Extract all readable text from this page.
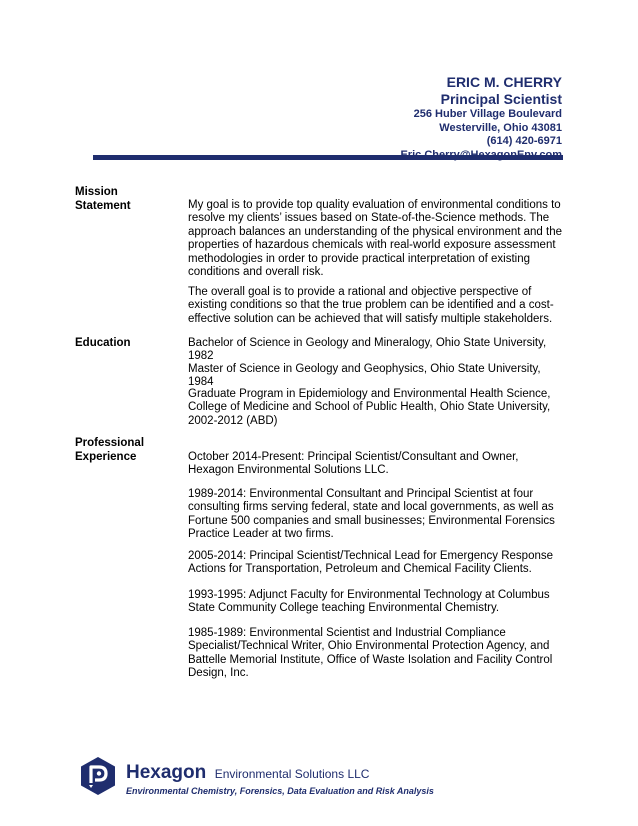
ERIC M. CHERRY
Principal Scientist
256 Huber Village Boulevard
Westerville, Ohio 43081
(614) 420-6971
Mission
Statement	My goal is to provide top quality evaluation of environmental conditions to resolve my clients’ issues based on State-of-the-Science methods. The approach balances an understanding of the physical environment and the properties of hazardous chemicals with real-world exposure assessment methodologies in order to provide practical interpretation of existing conditions and overall risk.
The overall goal is to provide a rational and objective perspective of existing conditions so that the true problem can be identified and a cost-effective solution can be achieved that will satisfy multiple stakeholders.
Education	Bachelor of Science in Geology and Mineralogy, Ohio State University, 1982
Master of Science in Geology and Geophysics, Ohio State University, 1984
Graduate Program in Epidemiology and Environmental Health Science, College of Medicine and School of Public Health, Ohio State University, 2002-2012 (ABD)
Professional
Experience	October 2014-Present: Principal Scientist/Consultant and Owner, Hexagon Environmental Solutions LLC.
1989-2014: Environmental Consultant and Principal Scientist at four consulting firms serving federal, state and local governments, as well as Fortune 500 companies and small businesses; Environmental Forensics Practice Leader at two firms.
2005-2014: Principal Scientist/Technical Lead for Emergency Response Actions for Transportation, Petroleum and Chemical Facility Clients.
1993-1995: Adjunct Faculty for Environmental Technology at Columbus State Community College teaching Environmental Chemistry.
1985-1989: Environmental Scientist and Industrial Compliance Specialist/Technical Writer, Ohio Environmental Protection Agency, and Battelle Memorial Institute, Office of Waste Isolation and Facility Control Design, Inc.
Hexagon Environmental Solutions LLC
Environmental Chemistry, Forensics, Data Evaluation and Risk Analysis
